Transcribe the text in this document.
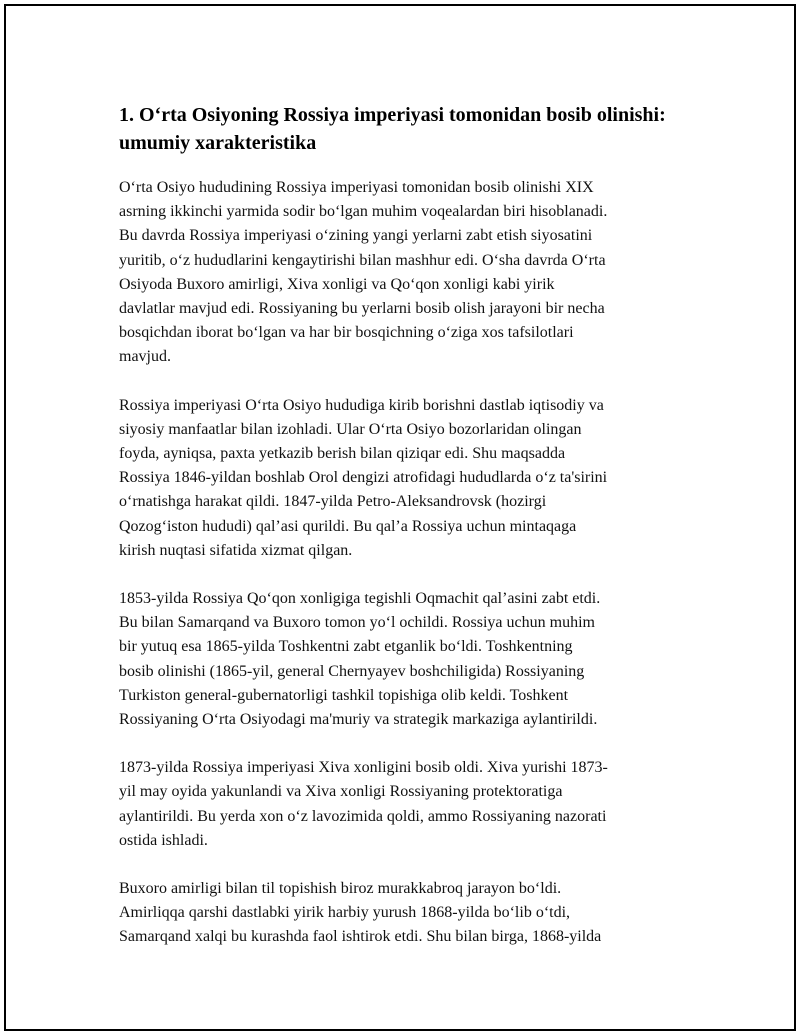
1. O‘rta Osiyoning Rossiya imperiyasi tomonidan bosib olinishi: umumiy xarakteristika

O‘rta Osiyo hududining Rossiya imperiyasi tomonidan bosib olinishi XIX
asrning ikkinchi yarmida sodir bo‘lgan muhim voqealardan biri hisoblanadi.
Bu davrda Rossiya imperiyasi o‘zining yangi yerlarni zabt etish siyosatini
yuritib, o‘z hududlarini kengaytirishi bilan mashhur edi. O‘sha davrda O‘rta
Osiyoda Buxoro amirligi, Xiva xonligi va Qo‘qon xonligi kabi yirik
davlatlar mavjud edi. Rossiyaning bu yerlarni bosib olish jarayoni bir necha
bosqichdan iborat bo‘lgan va har bir bosqichning o‘ziga xos tafsilotlari
mavjud.

Rossiya imperiyasi O‘rta Osiyo hududiga kirib borishni dastlab iqtisodiy va
siyosiy manfaatlar bilan izohladi. Ular O‘rta Osiyo bozorlaridan olingan
foyda, ayniqsa, paxta yetkazib berish bilan qiziqar edi. Shu maqsadda
Rossiya 1846-yildan boshlab Orol dengizi atrofidagi hududlarda o‘z ta'sirini
o‘rnatishga harakat qildi. 1847-yilda Petro-Aleksandrovsk (hozirgi
Qozog‘iston hududi) qal’asi qurildi. Bu qal’a Rossiya uchun mintaqaga
kirish nuqtasi sifatida xizmat qilgan.

1853-yilda Rossiya Qo‘qon xonligiga tegishli Oqmachit qal’asini zabt etdi.
Bu bilan Samarqand va Buxoro tomon yo‘l ochildi. Rossiya uchun muhim
bir yutuq esa 1865-yilda Toshkentni zabt etganlik bo‘ldi. Toshkentning
bosib olinishi (1865-yil, general Chernyayev boshchiligida) Rossiyaning
Turkiston general-gubernatorligi tashkil topishiga olib keldi. Toshkent
Rossiyaning O‘rta Osiyodagi ma'muriy va strategik markaziga aylantirildi.

1873-yilda Rossiya imperiyasi Xiva xonligini bosib oldi. Xiva yurishi 1873-
yil may oyida yakunlandi va Xiva xonligi Rossiyaning protektoratiga
aylantirildi. Bu yerda xon o‘z lavozimida qoldi, ammo Rossiyaning nazorati
ostida ishladi.

Buxoro amirligi bilan til topishish biroz murakkabroq jarayon bo‘ldi.
Amirliqqa qarshi dastlabki yirik harbiy yurush 1868-yilda bo‘lib o‘tdi,
Samarqand xalqi bu kurashda faol ishtirok etdi. Shu bilan birga, 1868-yilda
